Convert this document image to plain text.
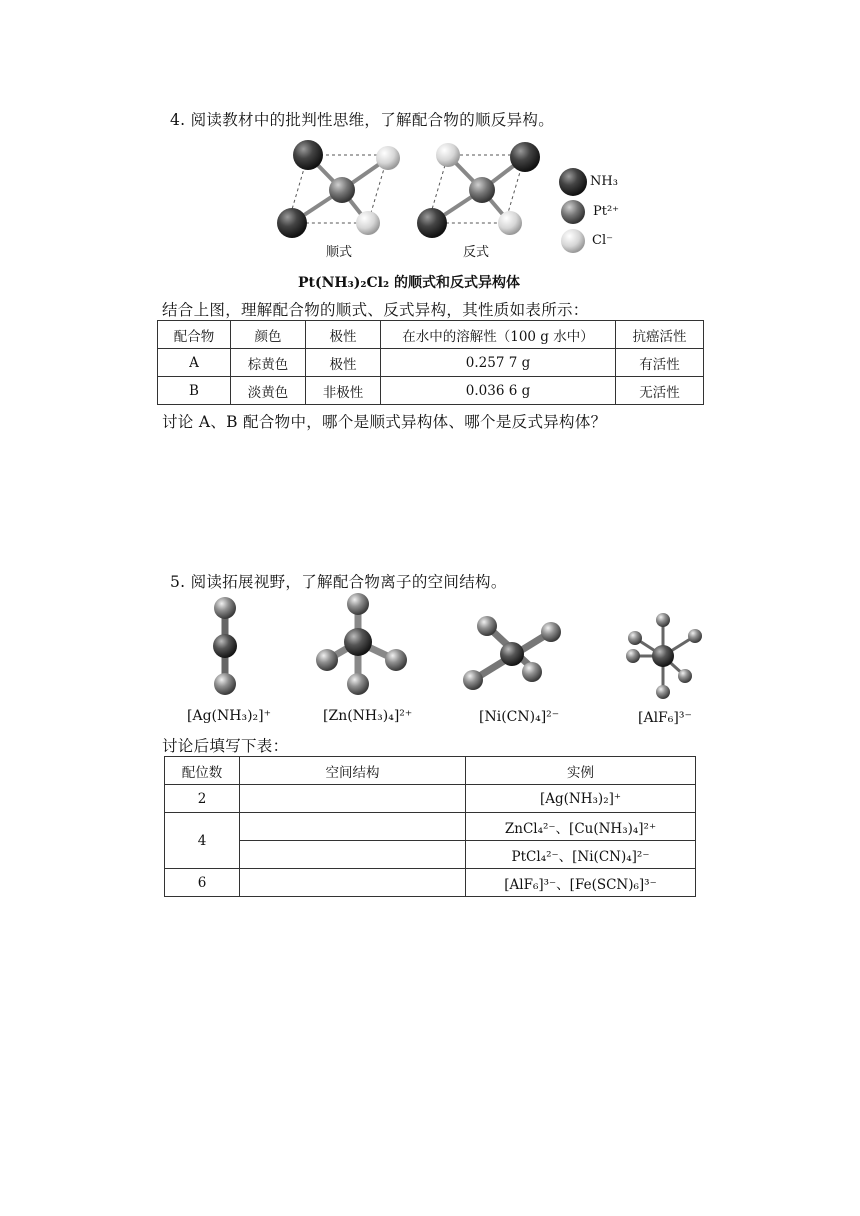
4. 阅读教材中的批判性思维，了解配合物的顺反异构。
顺式	反式
NH₃
Pt²⁺
Cl⁻
Pt(NH₃)₂Cl₂ 的顺式和反式异构体
结合上图，理解配合物的顺式、反式异构，其性质如表所示：
配合物	颜色	极性	在水中的溶解性（100 g 水中）	抗癌活性
A	棕黄色	极性	0.257 7 g	有活性
B	淡黄色	非极性	0.036 6 g	无活性
讨论 A、B 配合物中，哪个是顺式异构体、哪个是反式异构体？
5. 阅读拓展视野，了解配合物离子的空间结构。
[Ag(NH₃)₂]⁺	[Zn(NH₃)₄]²⁺	[Ni(CN)₄]²⁻	[AlF₆]³⁻
讨论后填写下表：
配位数	空间结构	实例
2		[Ag(NH₃)₂]⁺
4		ZnCl₄²⁻、[Cu(NH₃)₄]²⁺
		PtCl₄²⁻、[Ni(CN)₄]²⁻
6		[AlF₆]³⁻、[Fe(SCN)₆]³⁻
